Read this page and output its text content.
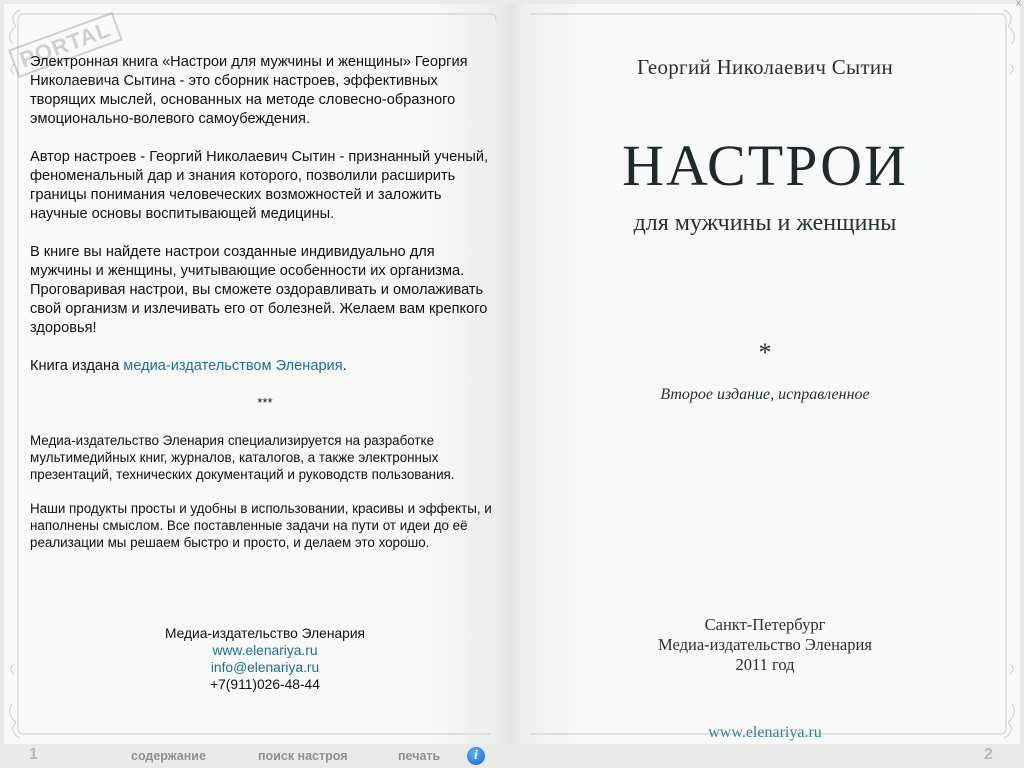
PORTAL

Электронная книга «Настрои для мужчины и женщины» Георгия Николаевича Сытина - это сборник настроев, эффективных творящих мыслей, основанных на методе словесно-образного эмоционально-волевого самоубеждения.

Автор настроев - Георгий Николаевич Сытин - признанный ученый, феноменальный дар и знания которого, позволили расширить границы понимания человеческих возможностей и заложить научные основы воспитывающей медицины.

В книге вы найдете настрои созданные индивидуально для мужчины и женщины, учитывающие особенности их организма. Проговаривая настрои, вы сможете оздоравливать и омолаживать свой организм и излечивать его от болезней. Желаем вам крепкого здоровья!

Книга издана медиа-издательством Эленария.

***

Медиа-издательство Эленария специализируется на разработке мультимедийных книг, журналов, каталогов, а также электронных презентаций, технических документаций и руководств пользования.

Наши продукты просты и удобны в использовании, красивы и эффекты, и наполнены смыслом. Все поставленные задачи на пути от идеи до её реализации мы решаем быстро и просто, и делаем это хорошо.

Медиа-издательство Эленария
www.elenariya.ru
info@elenariya.ru
+7(911)026-48-44
Георгий Николаевич Сытин
НАСТРОИ
для мужчины и женщины
*
Второе издание, исправленное
Санкт-Петербург
Медиа-издательство Эленария
2011 год
www.elenariya.ru
x
1	содержание	поиск настроя	печать	i	2
